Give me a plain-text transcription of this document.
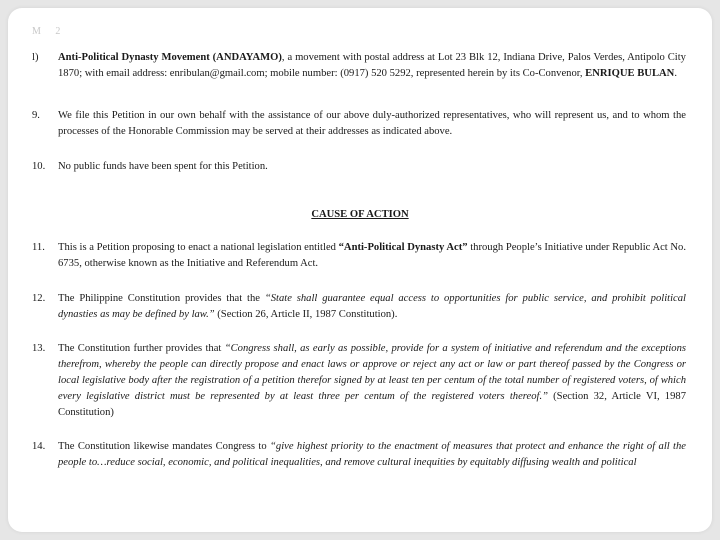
M 2
l)	Anti-Political Dynasty Movement (ANDAYAMO), a movement with postal address at Lot 23 Blk 12, Indiana Drive, Palos Verdes, Antipolo City 1870; with email address: enribulan@gmail.com; mobile number: (0917) 520 5292, represented herein by its Co-Convenor, ENRIQUE BULAN.
9.	We file this Petition in our own behalf with the assistance of our above duly-authorized representatives, who will represent us, and to whom the processes of the Honorable Commission may be served at their addresses as indicated above.
10.	No public funds have been spent for this Petition.
CAUSE OF ACTION
11.	This is a Petition proposing to enact a national legislation entitled “Anti-Political Dynasty Act” through People’s Initiative under Republic Act No. 6735, otherwise known as the Initiative and Referendum Act.
12.	The Philippine Constitution provides that the “State shall guarantee equal access to opportunities for public service, and prohibit political dynasties as may be defined by law.” (Section 26, Article II, 1987 Constitution).
13.	The Constitution further provides that “Congress shall, as early as possible, provide for a system of initiative and referendum and the exceptions therefrom, whereby the people can directly propose and enact laws or approve or reject any act or law or part thereof passed by the Congress or local legislative body after the registration of a petition therefor signed by at least ten per centum of the total number of registered voters, of which every legislative district must be represented by at least three per centum of the registered voters thereof.” (Section 32, Article VI, 1987 Constitution)
14.	The Constitution likewise mandates Congress to “give highest priority to the enactment of measures that protect and enhance the right of all the people to…reduce social, economic, and political inequalities, and remove cultural inequities by equitably diffusing wealth and political
